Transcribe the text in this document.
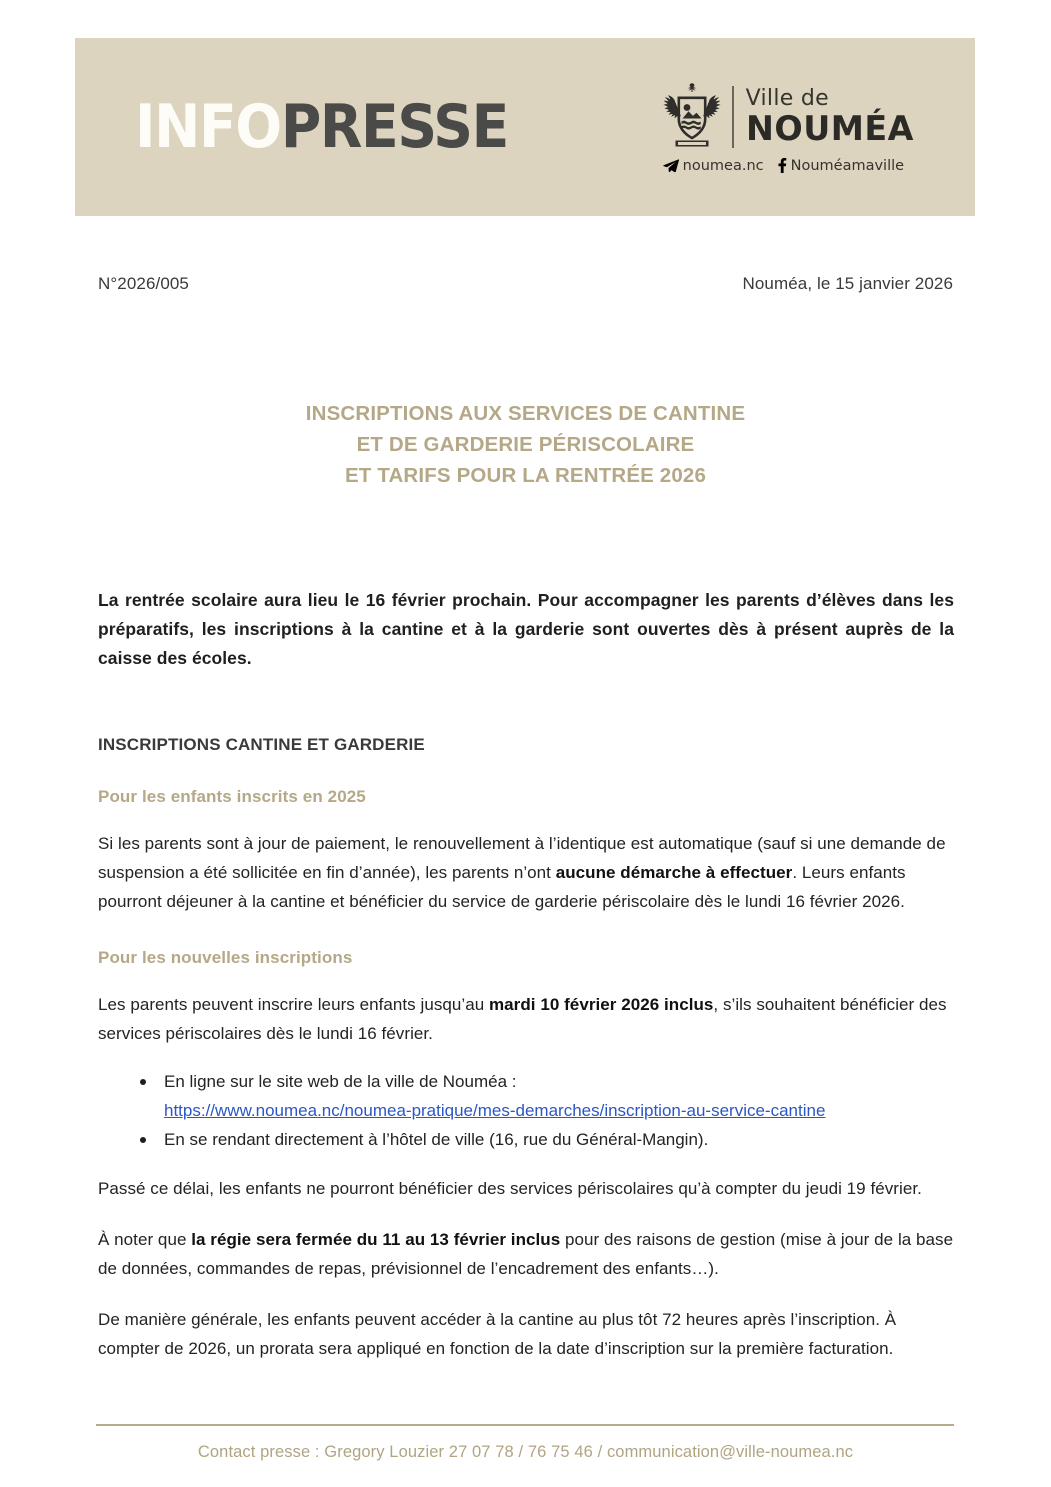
INFOPRESSE	Ville de
NOUMÉA
noumea.nc Nouméamaville
N°2026/005	Nouméa, le 15 janvier 2026
INSCRIPTIONS AUX SERVICES DE CANTINE
ET DE GARDERIE PÉRISCOLAIRE
ET TARIFS POUR LA RENTRÉE 2026

La rentrée scolaire aura lieu le 16 février prochain. Pour accompagner les parents d’élèves dans les préparatifs, les inscriptions à la cantine et à la garderie sont ouvertes dès à présent auprès de la caisse des écoles.

INSCRIPTIONS CANTINE ET GARDERIE

Pour les enfants inscrits en 2025

Si les parents sont à jour de paiement, le renouvellement à l’identique est automatique (sauf si une demande de suspension a été sollicitée en fin d’année), les parents n’ont aucune démarche à effectuer. Leurs enfants pourront déjeuner à la cantine et bénéficier du service de garderie périscolaire dès le lundi 16 février 2026.

Pour les nouvelles inscriptions

Les parents peuvent inscrire leurs enfants jusqu’au mardi 10 février 2026 inclus, s’ils souhaitent bénéficier des services périscolaires dès le lundi 16 février.

En ligne sur le site web de la ville de Nouméa :
https://www.noumea.nc/noumea-pratique/mes-demarches/inscription-au-service-cantine
En se rendant directement à l’hôtel de ville (16, rue du Général-Mangin).

Passé ce délai, les enfants ne pourront bénéficier des services périscolaires qu’à compter du jeudi 19 février.

À noter que la régie sera fermée du 11 au 13 février inclus pour des raisons de gestion (mise à jour de la base de données, commandes de repas, prévisionnel de l’encadrement des enfants…).

De manière générale, les enfants peuvent accéder à la cantine au plus tôt 72 heures après l’inscription. À compter de 2026, un prorata sera appliqué en fonction de la date d’inscription sur la première facturation.

Contact presse : Gregory Louzier 27 07 78 / 76 75 46 / communication@ville-noumea.nc
